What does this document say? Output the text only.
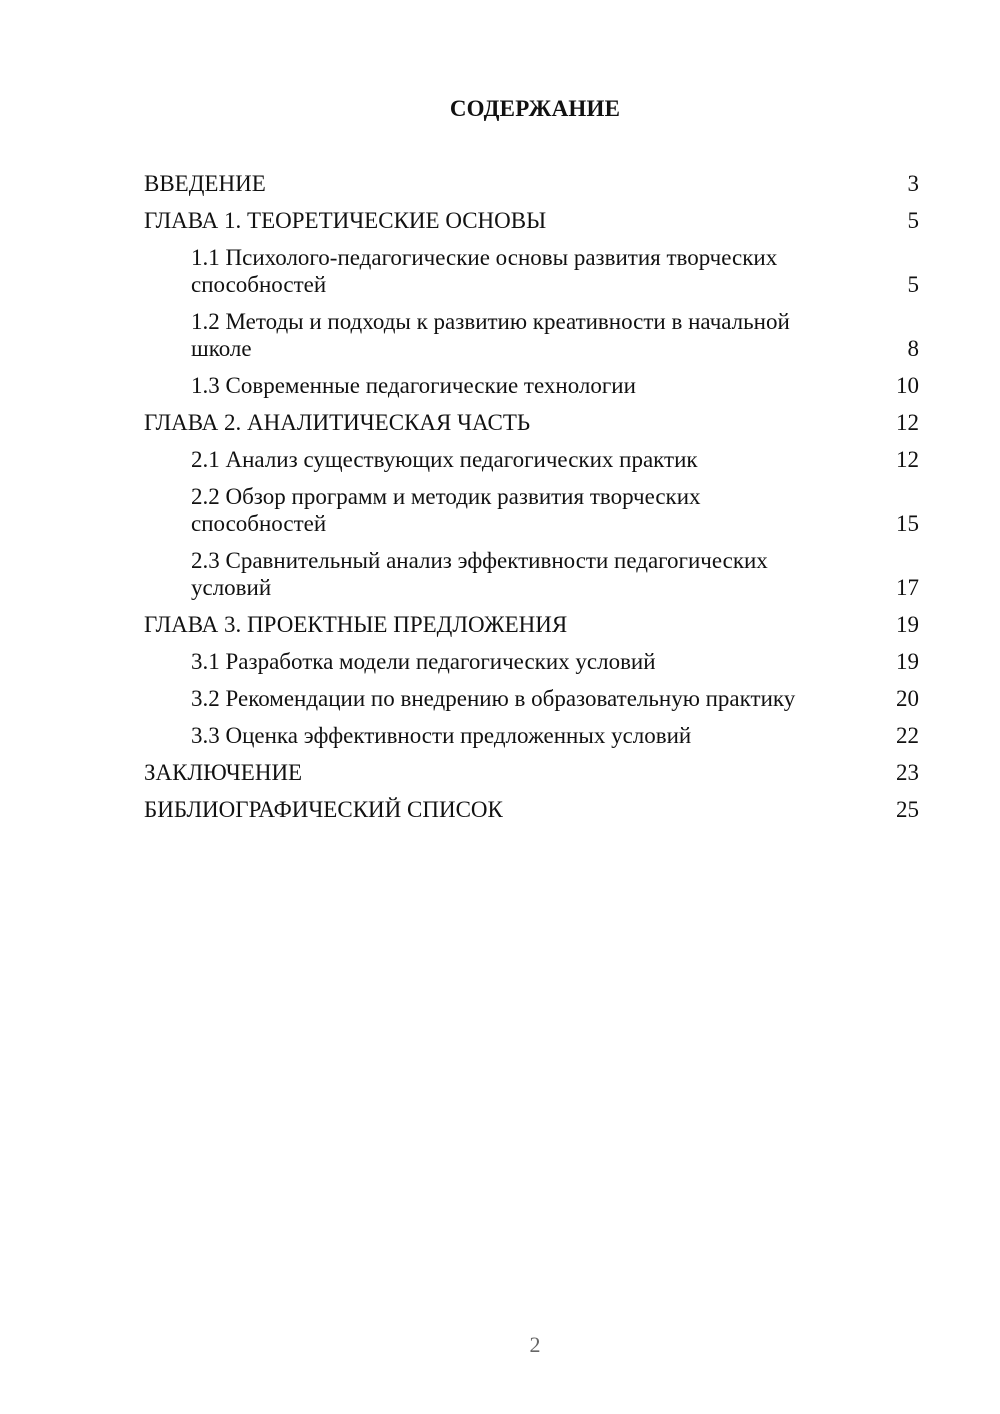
СОДЕРЖАНИЕ
ВВЕДЕНИЕ	3
ГЛАВА 1. ТЕОРЕТИЧЕСКИЕ ОСНОВЫ	5
1.1 Психолого-педагогические основы развития творческих способностей	5
1.2 Методы и подходы к развитию креативности в начальной школе	8
1.3 Современные педагогические технологии	10
ГЛАВА 2. АНАЛИТИЧЕСКАЯ ЧАСТЬ	12
2.1 Анализ существующих педагогических практик	12
2.2 Обзор программ и методик развития творческих способностей	15
2.3 Сравнительный анализ эффективности педагогических условий	17
ГЛАВА 3. ПРОЕКТНЫЕ ПРЕДЛОЖЕНИЯ	19
3.1 Разработка модели педагогических условий	19
3.2 Рекомендации по внедрению в образовательную практику	20
3.3 Оценка эффективности предложенных условий	22
ЗАКЛЮЧЕНИЕ	23
БИБЛИОГРАФИЧЕСКИЙ СПИСОК	25
2
